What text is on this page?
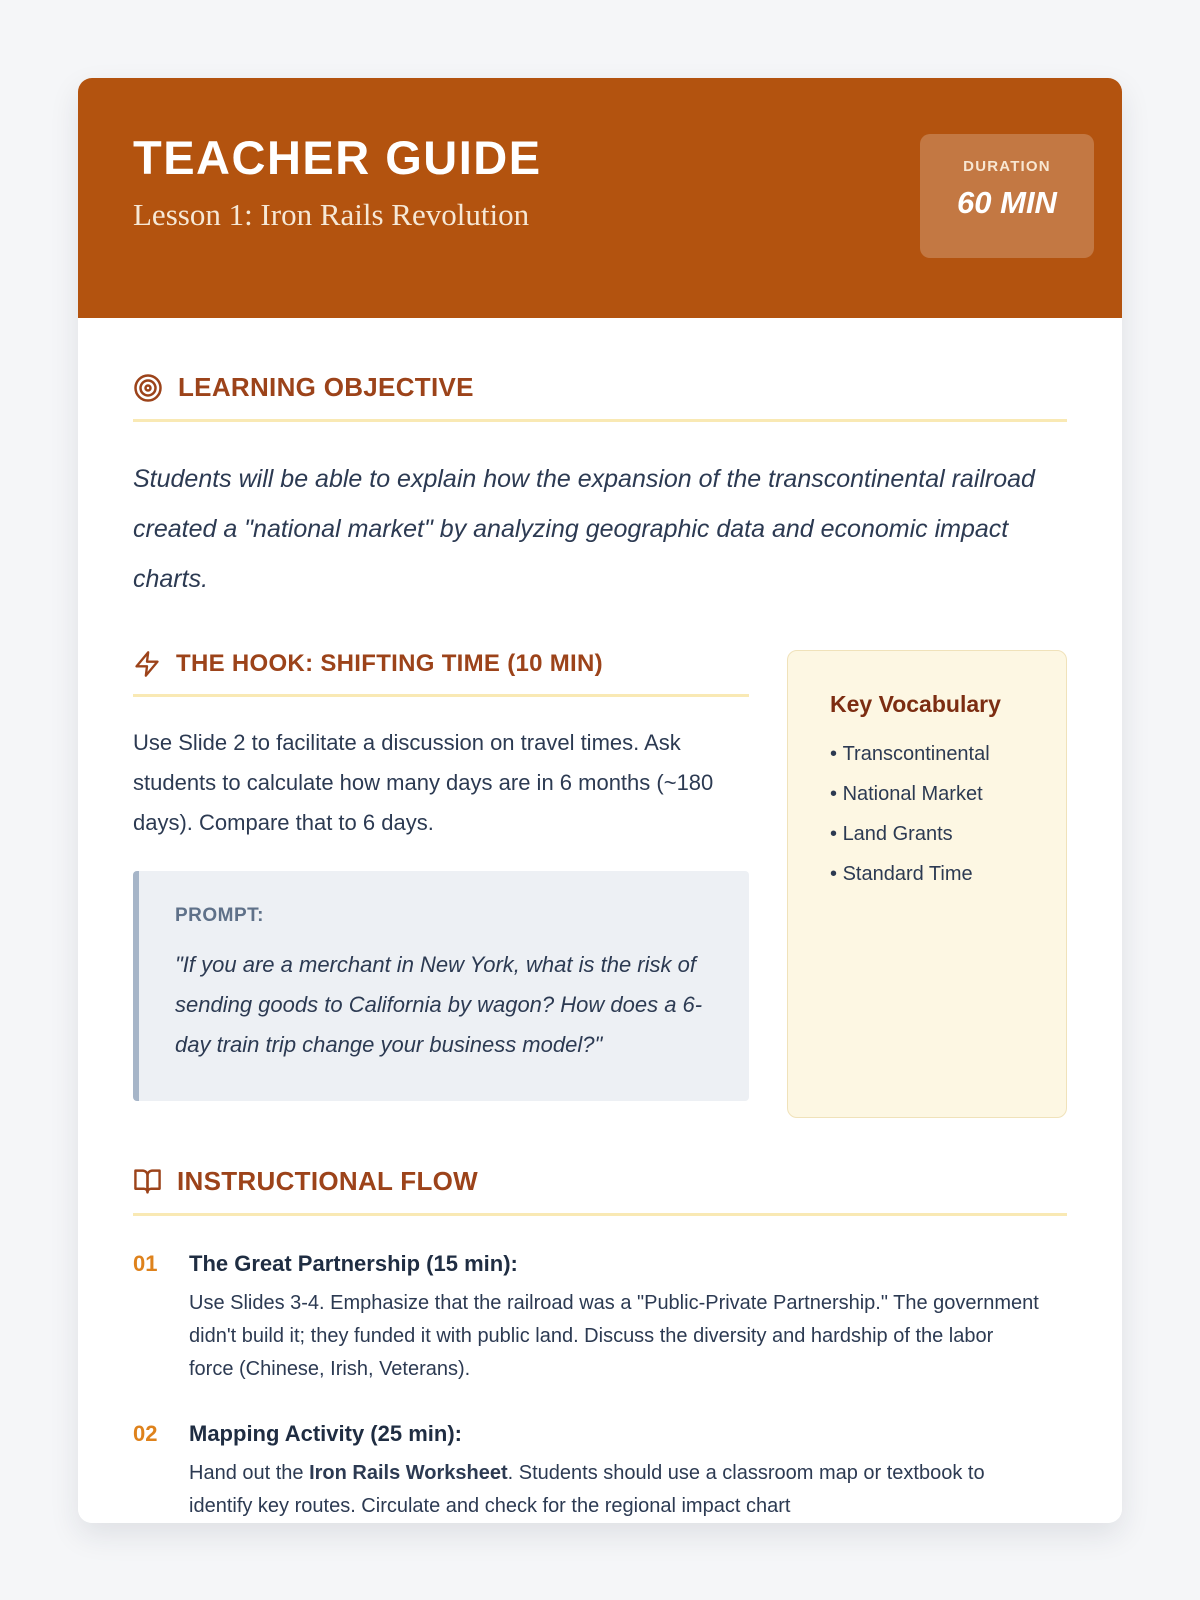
TEACHER GUIDE
Lesson 1: Iron Rails Revolution
DURATION
60 MIN
LEARNING OBJECTIVE

Students will be able to explain how the expansion of the transcontinental railroad created a "national market" by analyzing geographic data and economic impact charts.

THE HOOK: SHIFTING TIME (10 MIN)

Use Slide 2 to facilitate a discussion on travel times. Ask students to calculate how many days are in 6 months (~180 days). Compare that to 6 days.

PROMPT:

"If you are a merchant in New York, what is the risk of sending goods to California by wagon? How does a 6-day train trip change your business model?"

Key Vocabulary
• Transcontinental
• National Market
• Land Grants
• Standard Time
INSTRUCTIONAL FLOW
01	The Great Partnership (15 min):

Use Slides 3-4. Emphasize that the railroad was a "Public-Private Partnership." The government didn't build it; they funded it with public land. Discuss the diversity and hardship of the labor force (Chinese, Irish, Veterans).

02	Mapping Activity (25 min):

Hand out the Iron Rails Worksheet. Students should use a classroom map or textbook to identify key routes. Circulate and check for the regional impact chart
